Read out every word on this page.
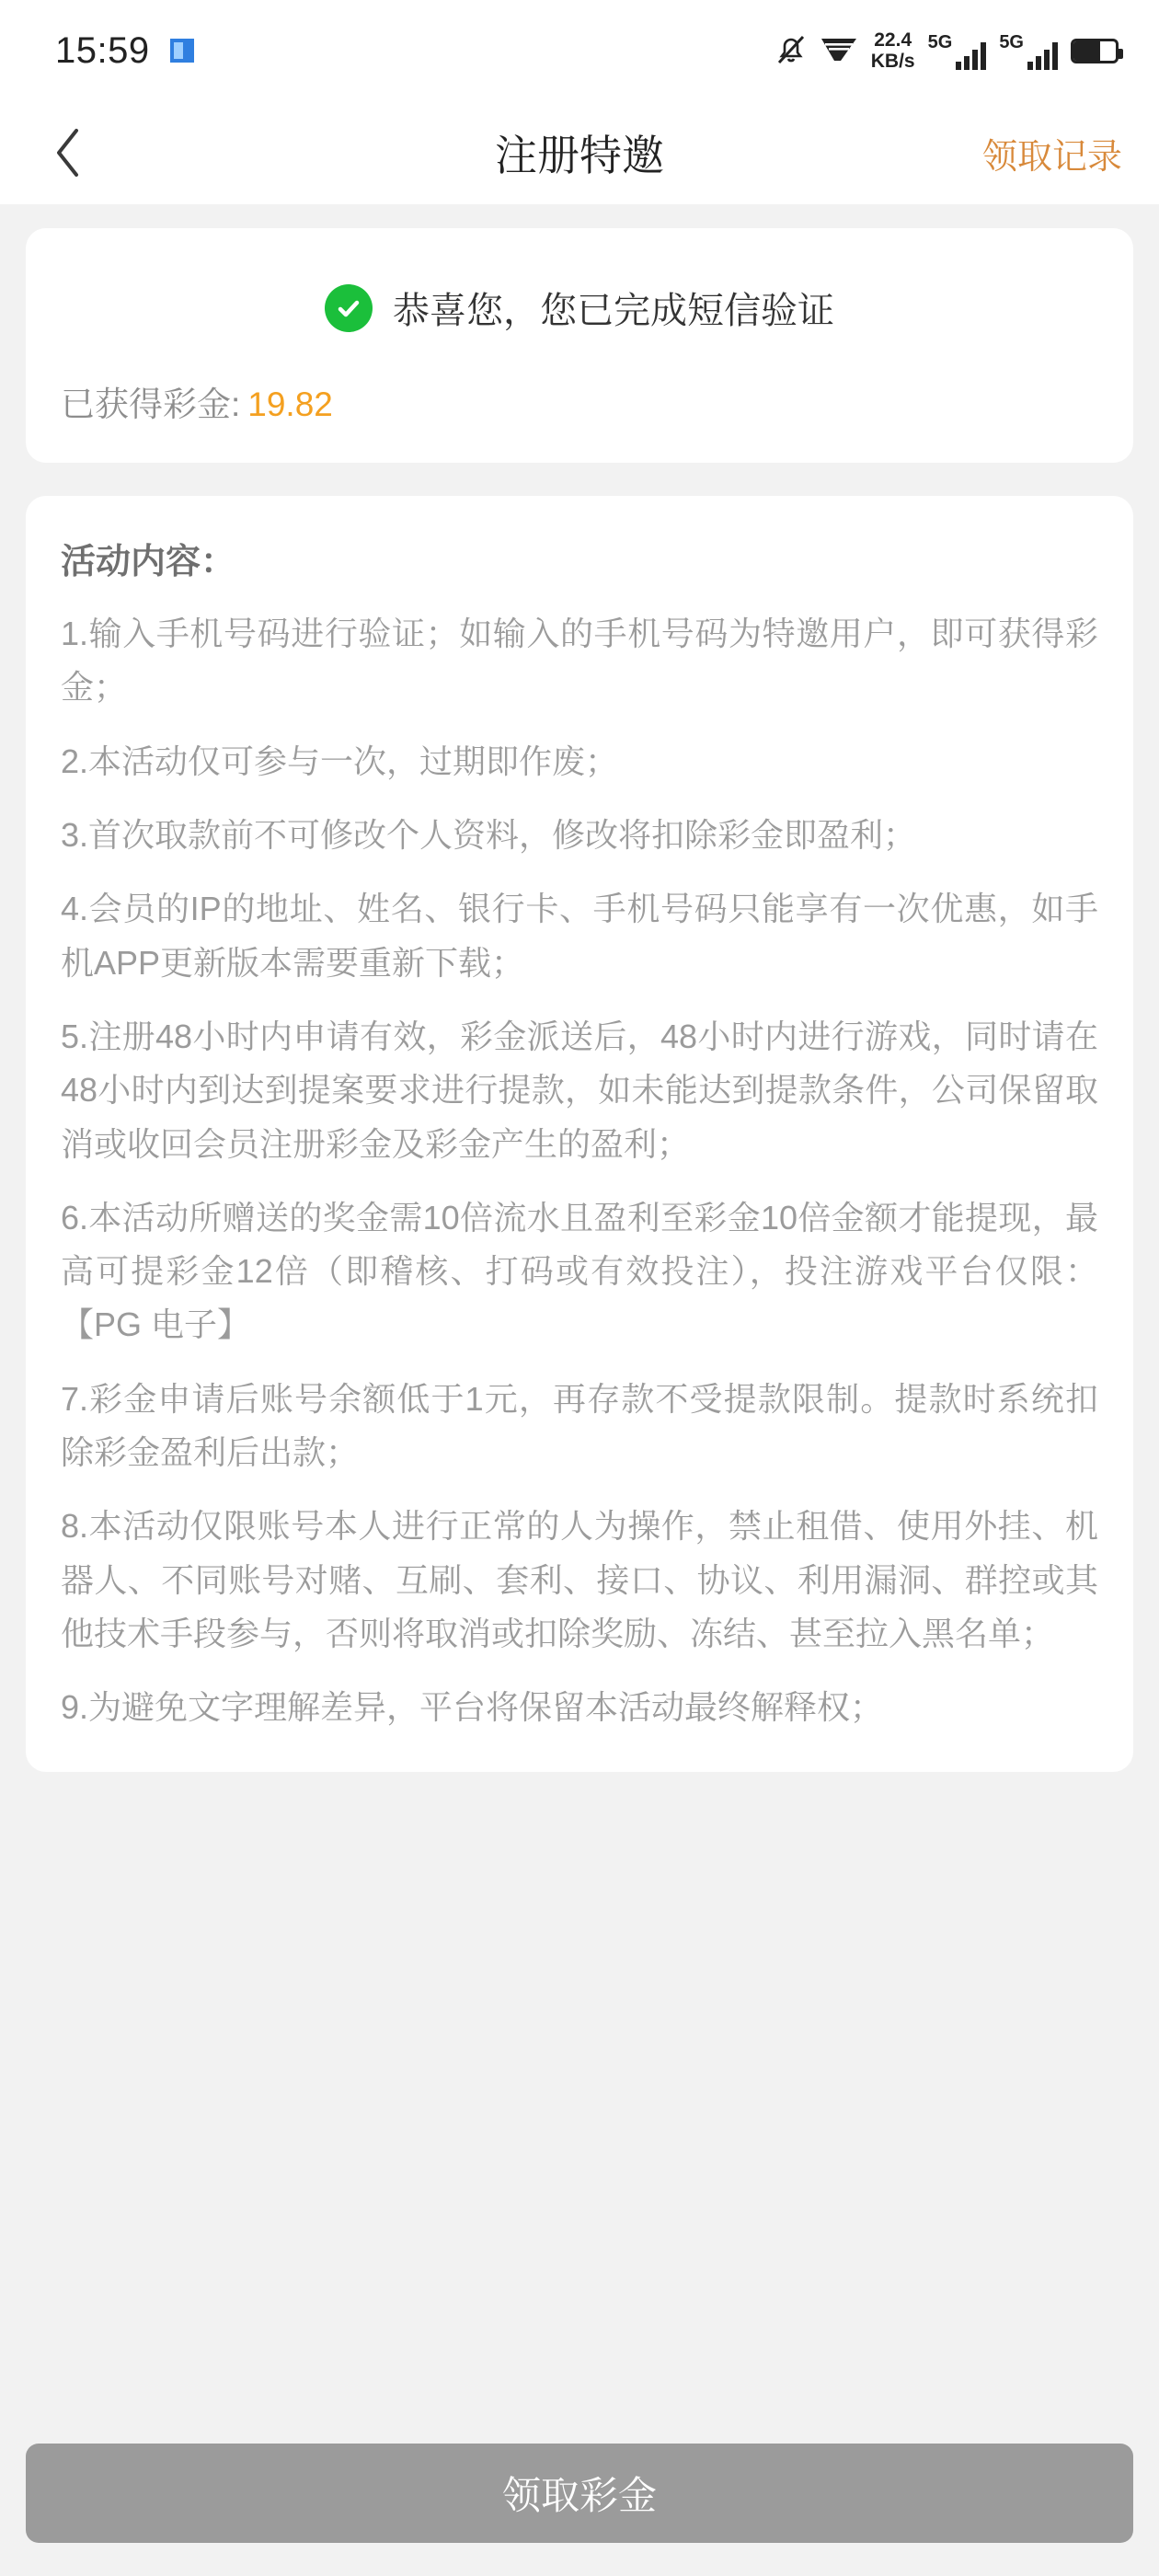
15:59	22.4
KB/s
5G	5G
注册特邀	领取记录
恭喜您，您已完成短信验证
已获得彩金: 19.82
活动内容：

1.输入手机号码进行验证；如输入的手机号码为特邀用户，即可获得彩金；

2.本活动仅可参与一次，过期即作废；

3.首次取款前不可修改个人资料，修改将扣除彩金即盈利；

4.会员的IP的地址、姓名、银行卡、手机号码只能享有一次优惠，如手机APP更新版本需要重新下载；

5.注册48小时内申请有效，彩金派送后，48小时内进行游戏，同时请在48小时内到达到提案要求进行提款，如未能达到提款条件，公司保留取消或收回会员注册彩金及彩金产生的盈利；

6.本活动所赠送的奖金需10倍流水且盈利至彩金10倍金额才能提现，最高可提彩金12倍（即稽核、打码或有效投注），投注游戏平台仅限：【PG 电子】

7.彩金申请后账号余额低于1元，再存款不受提款限制。提款时系统扣除彩金盈利后出款；

8.本活动仅限账号本人进行正常的人为操作，禁止租借、使用外挂、机器人、不同账号对赌、互刷、套利、接口、协议、利用漏洞、群控或其他技术手段参与，否则将取消或扣除奖励、冻结、甚至拉入黑名单；

9.为避免文字理解差异，平台将保留本活动最终解释权；

领取彩金
